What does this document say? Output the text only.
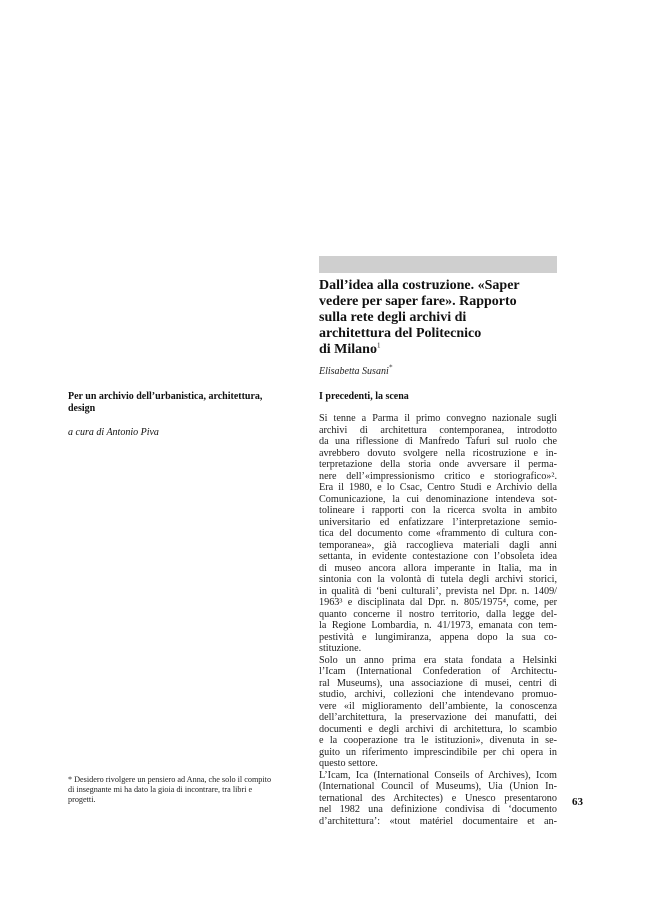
Dall’idea alla costruzione. «Saper
vedere per saper fare». Rapporto
sulla rete degli archivi di
architettura del Politecnico
di Milano$^1$

Elisabetta Susani*

Per un archivio dell’urbanistica, architettura,
design

a cura di Antonio Piva

I precedenti, la scena
Si tenne a Parma il primo convegno nazionale sugli
archivi di architettura contemporanea, introdotto
da una riflessione di Manfredo Tafuri sul ruolo che
avrebbero dovuto svolgere nella ricostruzione e in-
terpretazione della storia onde avversare il perma-
nere dell’«impressionismo critico e storiografico»².
Era il 1980, e lo Csac, Centro Studi e Archivio della
Comunicazione, la cui denominazione intendeva sot-
tolineare i rapporti con la ricerca svolta in ambito
universitario ed enfatizzare l’interpretazione semio-
tica del documento come «frammento di cultura con-
temporanea», già raccoglieva materiali dagli anni
settanta, in evidente contestazione con l’obsoleta idea
di museo ancora allora imperante in Italia, ma in
sintonia con la volontà di tutela degli archivi storici,
in qualità di ‘beni culturali’, prevista nel Dpr. n. 1409/
1963³ e disciplinata dal Dpr. n. 805/1975⁴, come, per
quanto concerne il nostro territorio, dalla legge del-
la Regione Lombardia, n. 41/1973, emanata con tem-
pestività e lungimiranza, appena dopo la sua co-
stituzione.
Solo un anno prima era stata fondata a Helsinki
l’Icam (International Confederation of Architectu-
ral Museums), una associazione di musei, centri di
studio, archivi, collezioni che intendevano promuo-
vere «il miglioramento dell’ambiente, la conoscenza
dell’architettura, la preservazione dei manufatti, dei
documenti e degli archivi di architettura, lo scambio
e la cooperazione tra le istituzioni», divenuta in se-
guito un riferimento imprescindibile per chi opera in
questo settore.
L’Icam, Ica (International Conseils of Archives), Icom
(International Council of Museums), Uia (Union In-
ternational des Architectes) e Unesco presentarono
nel 1982 una definizione condivisa di ‘documento
d’architettura’: «tout matériel documentaire et an-
* Desidero rivolgere un pensiero ad Anna, che solo il compito
di insegnante mi ha dato la gioia di incontrare, tra libri e
progetti.	63
